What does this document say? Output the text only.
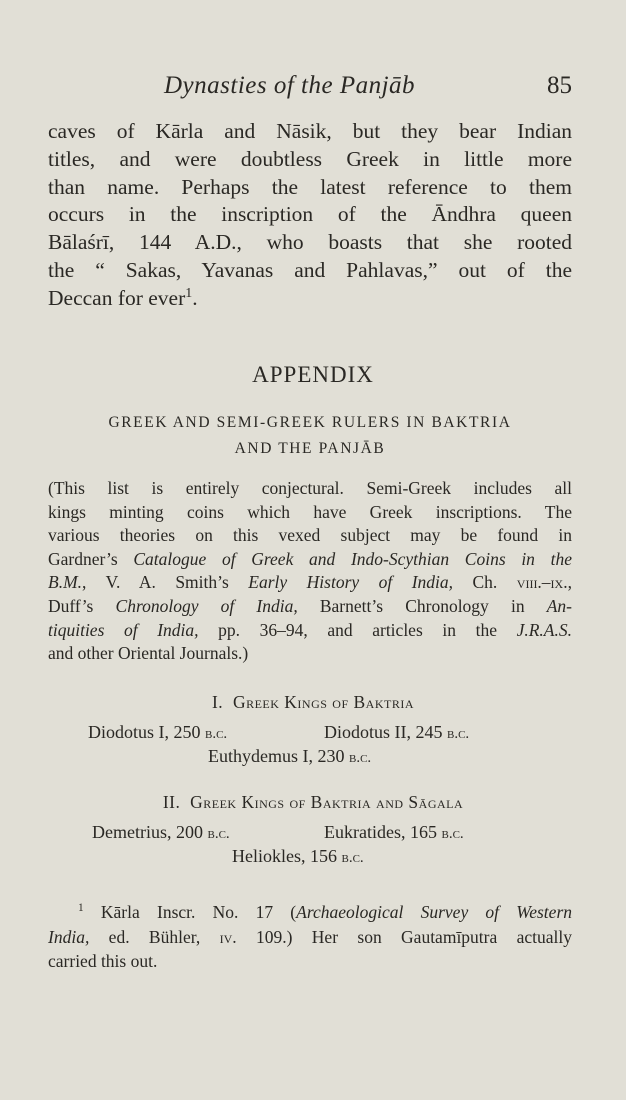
Dynasties of the Panjāb	85
caves of Kārla and Nāsik, but they bear Indian
titles, and were doubtless Greek in little more
than name. Perhaps the latest reference to them
occurs in the inscription of the Āndhra queen
Bālaśrī, 144 A.D., who boasts that she rooted
the “ Sakas, Yavanas and Pahlavas,” out of the
Deccan for ever$^1$.
APPENDIX
GREEK AND SEMI-GREEK RULERS IN BAKTRIA
AND THE PANJĀB
(This list is entirely conjectural. Semi-Greek includes all
kings minting coins which have Greek inscriptions. The
various theories on this vexed subject may be found in
Gardner’s Catalogue of Greek and Indo-Scythian Coins in the
B.M., V. A. Smith’s Early History of India, Ch. viii.–ix.,
Duff’s Chronology of India, Barnett’s Chronology in An-
tiquities of India, pp. 36–94, and articles in the J.R.A.S.
and other Oriental Journals.)
I. Greek Kings of Baktria
Diodotus I, 250 b.c.	Diodotus II, 245 b.c.
Euthydemus I, 230 b.c.
II. Greek Kings of Baktria and Sāgala
Demetrius, 200 b.c.	Eukratides, 165 b.c.
Heliokles, 156 b.c.
$^1$ Kārla Inscr. No. 17 (Archaeological Survey of Western
India, ed. Bühler, iv. 109.) Her son Gautamīputra actually
carried this out.
